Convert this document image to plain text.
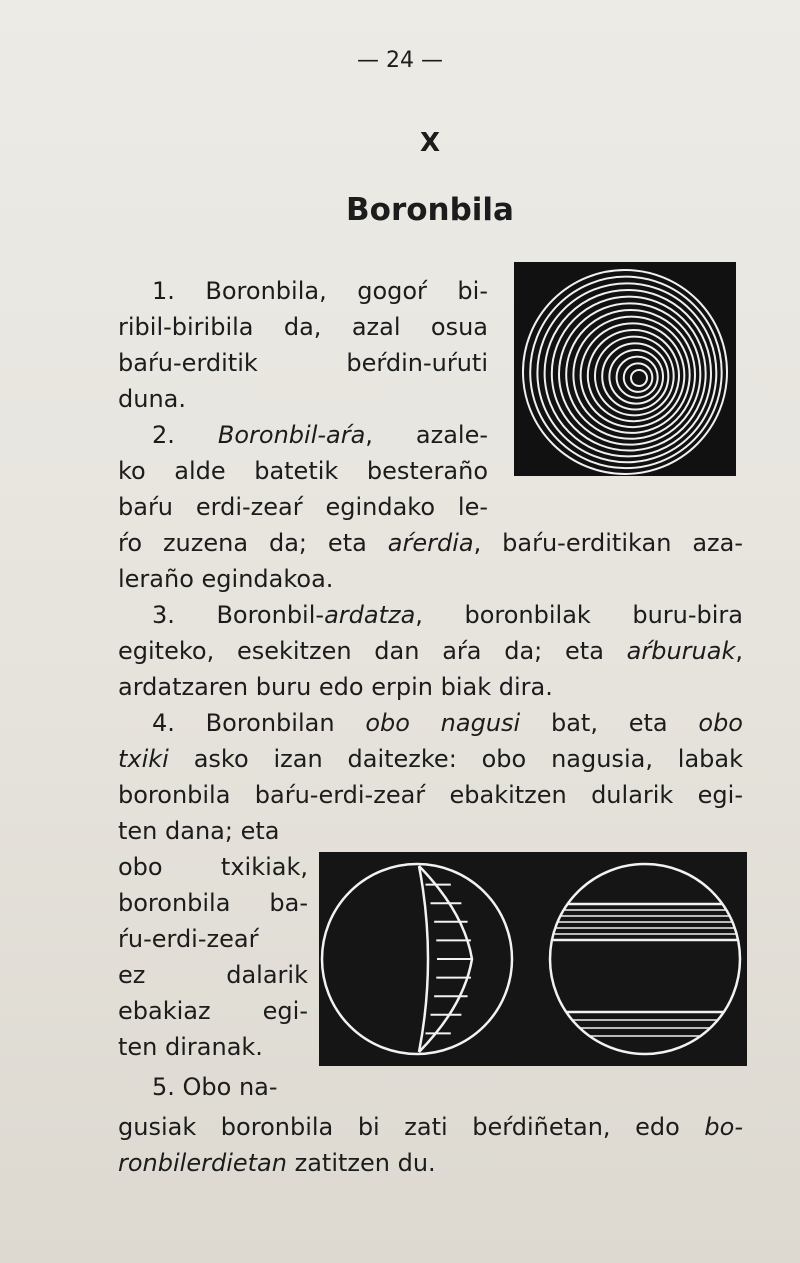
— 24 —
X
Boronbila
1. Boronbila, gogoŕ bi-
ribil-biribila da, azal osua
baŕu-erditik beŕdin-uŕuti
duna.
2. Boronbil-aŕa, azale-
ko alde batetik besteraño
baŕu erdi-zeaŕ egindako le-
ŕo zuzena da; eta aŕerdia, baŕu-erditikan aza-
leraño egindakoa.
3. Boronbil-ardatza, boronbilak buru-bira
egiteko, esekitzen dan aŕa da; eta aŕburuak,
ardatzaren buru edo erpin biak dira.
4. Boronbilan obo nagusi bat, eta obo
txiki asko izan daitezke: obo nagusia, labak
boronbila baŕu-erdi-zeaŕ ebakitzen dularik egi-
ten dana; eta
obo txikiak,
boronbila ba-
ŕu-erdi-zeaŕ
ez dalarik
ebakiaz egi-
ten diranak.
5. Obo na-
gusiak boronbila bi zati beŕdiñetan, edo bo-
ronbilerdietan zatitzen du.
